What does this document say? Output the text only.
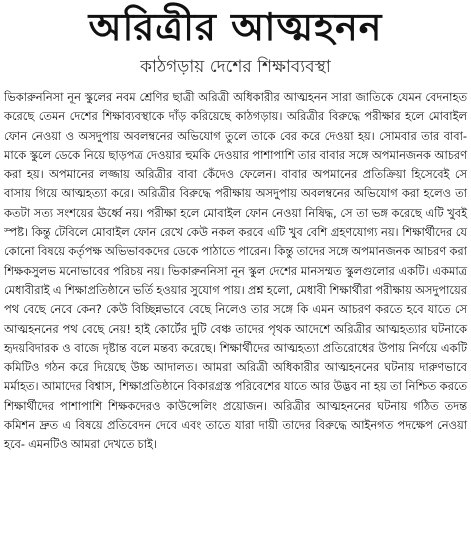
অরিত্রীর আত্মহনন
কাঠগড়ায় দেশের শিক্ষাব্যবস্থা

ভিকারুননিসা নূন স্কুলের নবম শ্রেণির ছাত্রী অরিত্রী অধিকারীর আত্মহনন সারা জাতিকে যেমন বেদনাহত করেছে তেমন দেশের শিক্ষাব্যবস্থাকে দাঁড় করিয়েছে কাঠগড়ায়। অরিত্রীর বিরুদ্ধে পরীক্ষার হলে মোবাইল ফোন নেওয়া ও অসদুপায় অবলম্বনের অভিযোগ তুলে তাকে বের করে দেওয়া হয়। সোমবার তার বাবা-মাকে স্কুলে ডেকে নিয়ে ছাড়পত্র দেওয়ার হুমকি দেওয়ার পাশাপাশি তার বাবার সঙ্গে অপমানজনক আচরণ করা হয়। অপমানের লজ্জায় অরিত্রীর বাবা কেঁদেও ফেলেন। বাবার অপমানের প্রতিক্রিয়া হিসেবেই সে বাসায় গিয়ে আত্মহত্যা করে। অরিত্রীর বিরুদ্ধে পরীক্ষায় অসদুপায় অবলম্বনের অভিযোগ করা হলেও তা কতটা সত্য সংশয়ের ঊর্ধ্বে নয়। পরীক্ষা হলে মোবাইল ফোন নেওয়া নিষিদ্ধ, সে তা ভঙ্গ করেছে এটি খুবই স্পষ্ট। কিন্তু টেবিলে মোবাইল ফোন রেখে কেউ নকল করবে এটি খুব বেশি গ্রহণযোগ্য নয়। শিক্ষার্থীদের যে কোনো বিষয়ে কর্তৃপক্ষ অভিভাবকদের ডেকে পাঠাতে পারেন। কিন্তু তাদের সঙ্গে অপমানজনক আচরণ করা শিক্ষকসুলভ মনোভাবের পরিচয় নয়। ভিকারুননিসা নূন স্কুল দেশের মানসম্মত স্কুলগুলোর একটি। একমাত্র মেধাবীরাই এ শিক্ষাপ্রতিষ্ঠানে ভর্তি হওয়ার সুযোগ পায়। প্রশ্ন হলো, মেধাবী শিক্ষার্থীরা পরীক্ষায় অসদুপায়ের পথ বেছে নেবে কেন? কেউ বিচ্ছিন্নভাবে বেছে নিলেও তার সঙ্গে কি এমন আচরণ করতে হবে যাতে সে আত্মহননের পথ বেছে নেয়! হাই কোর্টের দুটি বেঞ্চ তাদের পৃথক আদেশে অরিত্রীর আত্মহত্যার ঘটনাকে হৃদয়বিদারক ও বাজে দৃষ্টান্ত বলে মন্তব্য করেছে। শিক্ষার্থীদের আত্মহত্যা প্রতিরোধের উপায় নির্ণয়ে একটি কমিটিও গঠন করে দিয়েছে উচ্চ আদালত। আমরা অরিত্রী অধিকারীর আত্মহননের ঘটনায় দারুণভাবে মর্মাহত। আমাদের বিশ্বাস, শিক্ষাপ্রতিষ্ঠানে বিকারগ্রস্ত পরিবেশের যাতে আর উদ্ভব না হয় তা নিশ্চিত করতে শিক্ষার্থীদের পাশাপাশি শিক্ষকদেরও কাউন্সেলিং প্রয়োজন। অরিত্রীর আত্মহননের ঘটনায় গঠিত তদন্ত কমিশন দ্রুত এ বিষয়ে প্রতিবেদন দেবে এবং তাতে যারা দায়ী তাদের বিরুদ্ধে আইনগত পদক্ষেপ নেওয়া হবে- এমনটিও আমরা দেখতে চাই।
